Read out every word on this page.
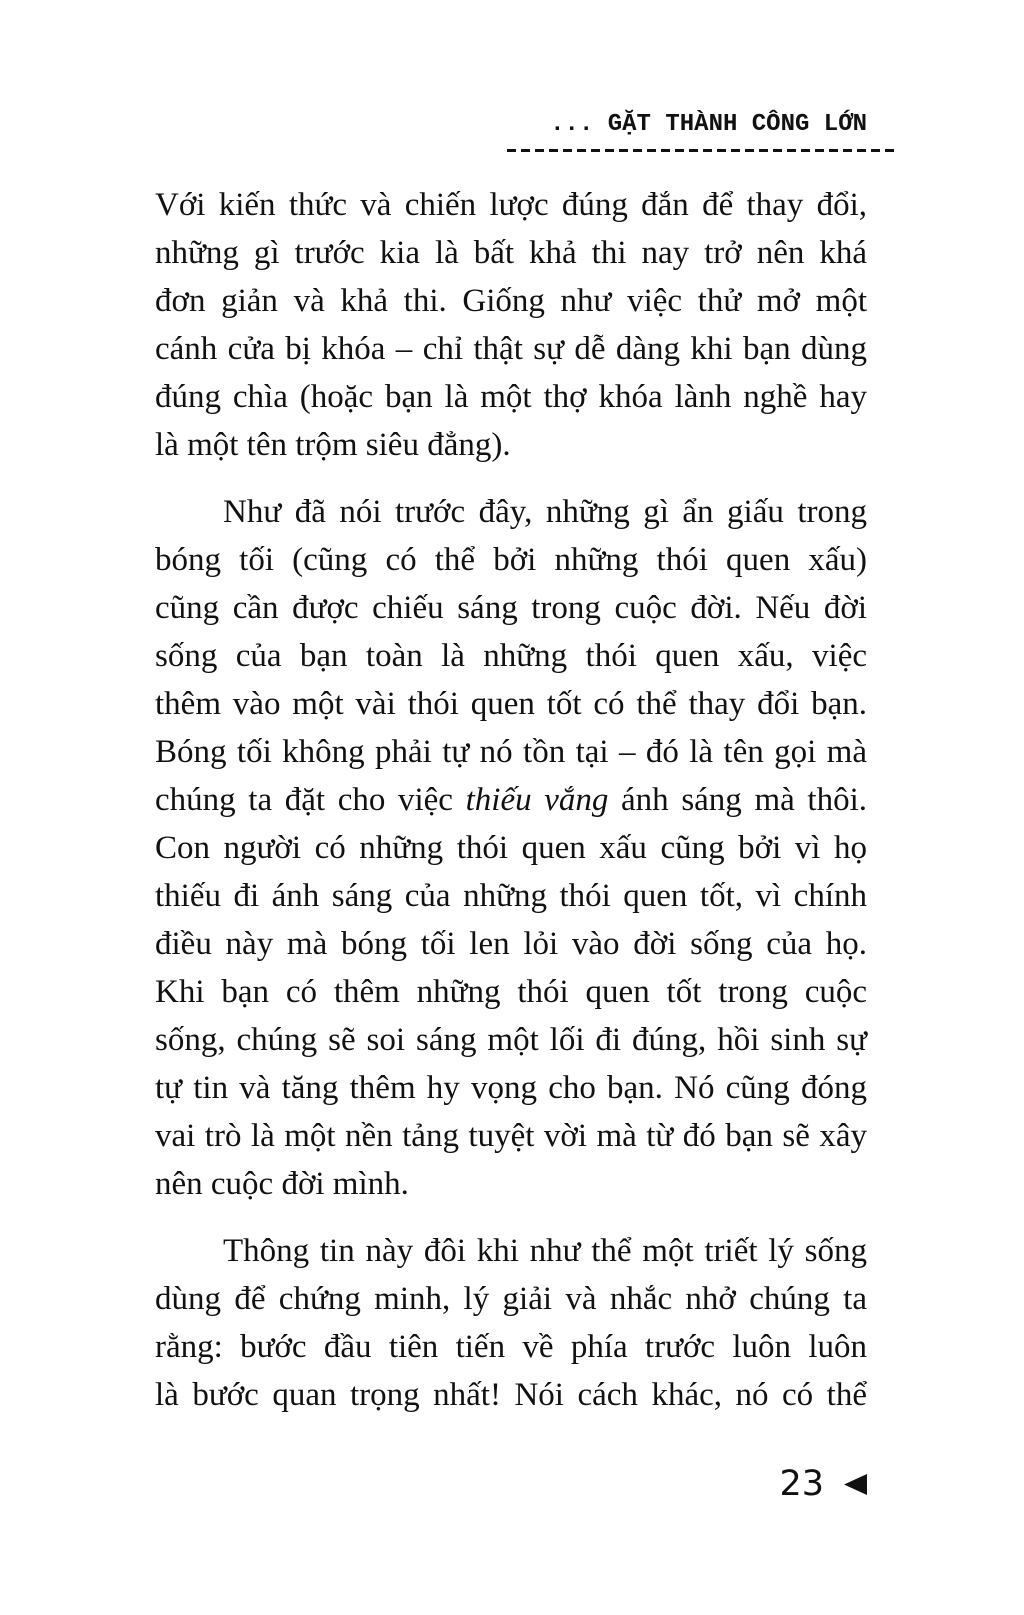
... GẶT THÀNH CÔNG LỚN
Với kiến thức và chiến lược đúng đắn để thay đổi,
những gì trước kia là bất khả thi nay trở nên khá
đơn giản và khả thi. Giống như việc thử mở một
cánh cửa bị khóa – chỉ thật sự dễ dàng khi bạn dùng
đúng chìa (hoặc bạn là một thợ khóa lành nghề hay
là một tên trộm siêu đẳng).
Như đã nói trước đây, những gì ẩn giấu trong
bóng tối (cũng có thể bởi những thói quen xấu)
cũng cần được chiếu sáng trong cuộc đời. Nếu đời
sống của bạn toàn là những thói quen xấu, việc
thêm vào một vài thói quen tốt có thể thay đổi bạn.
Bóng tối không phải tự nó tồn tại – đó là tên gọi mà
chúng ta đặt cho việc thiếu vắng ánh sáng mà thôi.
Con người có những thói quen xấu cũng bởi vì họ
thiếu đi ánh sáng của những thói quen tốt, vì chính
điều này mà bóng tối len lỏi vào đời sống của họ.
Khi bạn có thêm những thói quen tốt trong cuộc
sống, chúng sẽ soi sáng một lối đi đúng, hồi sinh sự
tự tin và tăng thêm hy vọng cho bạn. Nó cũng đóng
vai trò là một nền tảng tuyệt vời mà từ đó bạn sẽ xây
nên cuộc đời mình.
Thông tin này đôi khi như thể một triết lý sống
dùng để chứng minh, lý giải và nhắc nhở chúng ta
rằng: bước đầu tiên tiến về phía trước luôn luôn
là bước quan trọng nhất! Nói cách khác, nó có thể
23
